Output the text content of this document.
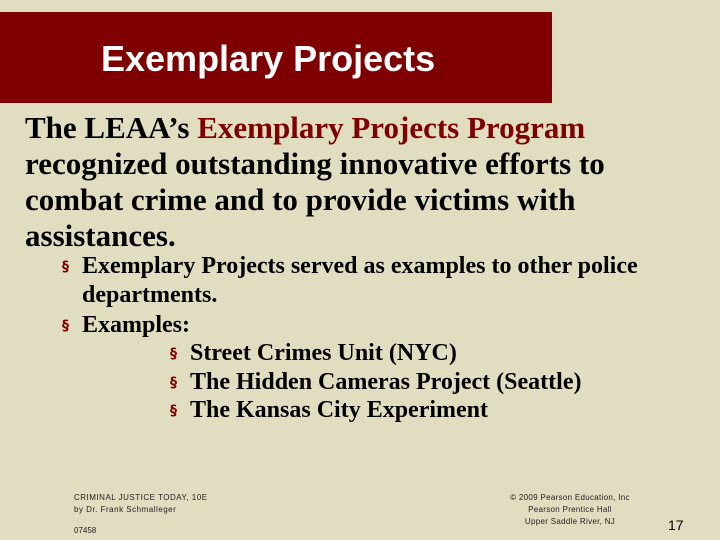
Exemplary Projects
The LEAA’s Exemplary Projects Program recognized outstanding innovative efforts to combat crime and to provide victims with assistances.
§ Exemplary Projects served as examples to other police departments.
§ Examples:
§ Street Crimes Unit (NYC)
§ The Hidden Cameras Project (Seattle)
§ The Kansas City Experiment
CRIMINAL JUSTICE TODAY, 10E
by Dr. Frank Schmalleger
07458
© 2009 Pearson Education, Inc
Pearson Prentice Hall
Upper Saddle River, NJ	17
